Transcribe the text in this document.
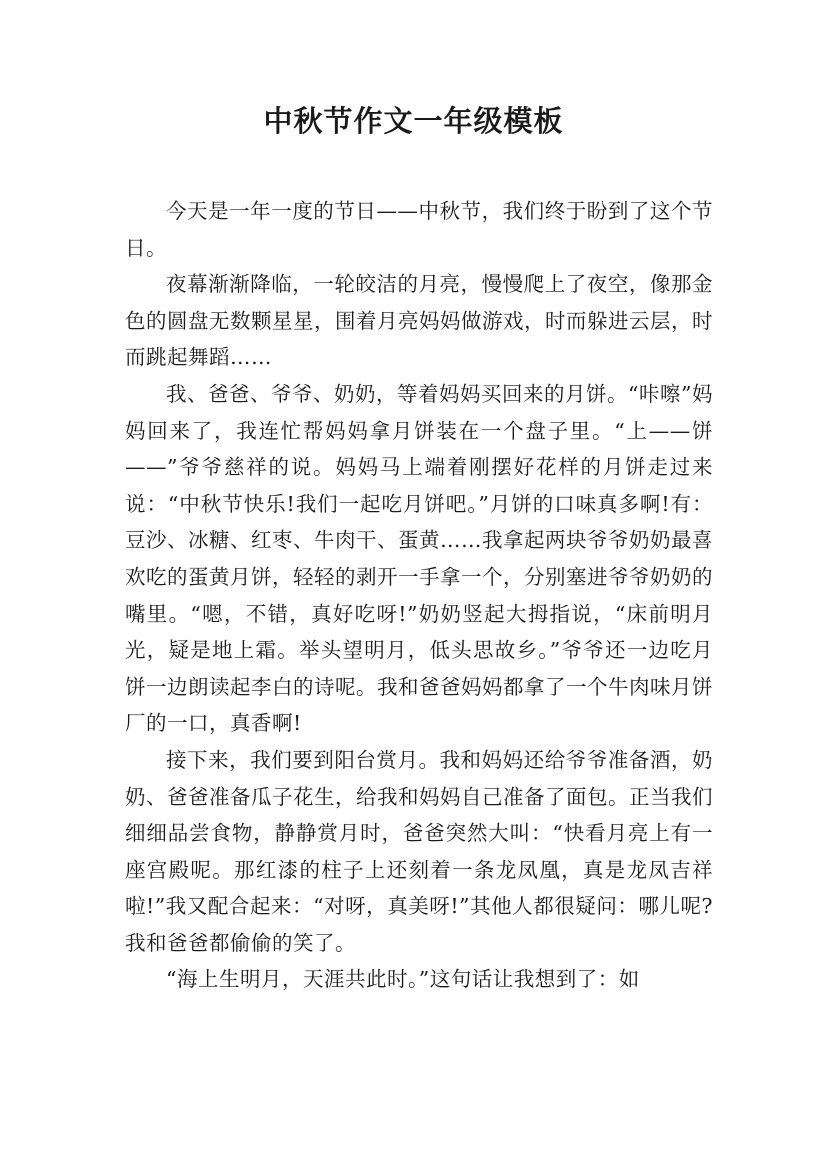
中秋节作文一年级模板

今天是一年一度的节日——中秋节，我们终于盼到了这个节日。

夜幕渐渐降临，一轮皎洁的月亮，慢慢爬上了夜空，像那金色的圆盘无数颗星星，围着月亮妈妈做游戏，时而躲进云层，时而跳起舞蹈……

我、爸爸、爷爷、奶奶，等着妈妈买回来的月饼。“咔嚓”妈妈回来了，我连忙帮妈妈拿月饼装在一个盘子里。“上——饼——”爷爷慈祥的说。妈妈马上端着刚摆好花样的月饼走过来说：“中秋节快乐!我们一起吃月饼吧。”月饼的口味真多啊!有：豆沙、冰糖、红枣、牛肉干、蛋黄……我拿起两块爷爷奶奶最喜欢吃的蛋黄月饼，轻轻的剥开一手拿一个，分别塞进爷爷奶奶的嘴里。“嗯，不错，真好吃呀!”奶奶竖起大拇指说，“床前明月光，疑是地上霜。举头望明月，低头思故乡。”爷爷还一边吃月饼一边朗读起李白的诗呢。我和爸爸妈妈都拿了一个牛肉味月饼厂的一口，真香啊!

接下来，我们要到阳台赏月。我和妈妈还给爷爷准备酒，奶奶、爸爸准备瓜子花生，给我和妈妈自己准备了面包。正当我们细细品尝食物，静静赏月时，爸爸突然大叫：“快看月亮上有一座宫殿呢。那红漆的柱子上还刻着一条龙凤凰，真是龙凤吉祥啦!”我又配合起来：“对呀，真美呀!”其他人都很疑问：哪儿呢?我和爸爸都偷偷的笑了。

“海上生明月，天涯共此时。”这句话让我想到了：如
